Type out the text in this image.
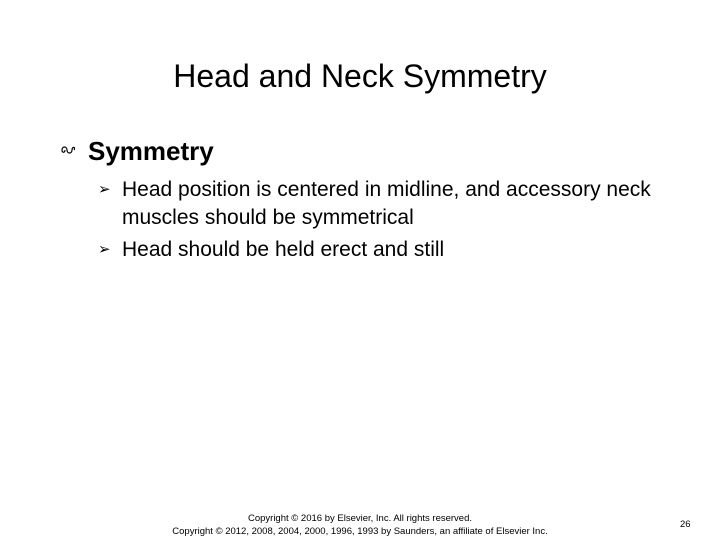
Head and Neck Symmetry
Symmetry
➢ Head position is centered in midline, and accessory neck muscles should be symmetrical
➢ Head should be held erect and still
Copyright © 2016 by Elsevier, Inc. All rights reserved.
Copyright © 2012, 2008, 2004, 2000, 1996, 1993 by Saunders, an affiliate of Elsevier Inc.
26
